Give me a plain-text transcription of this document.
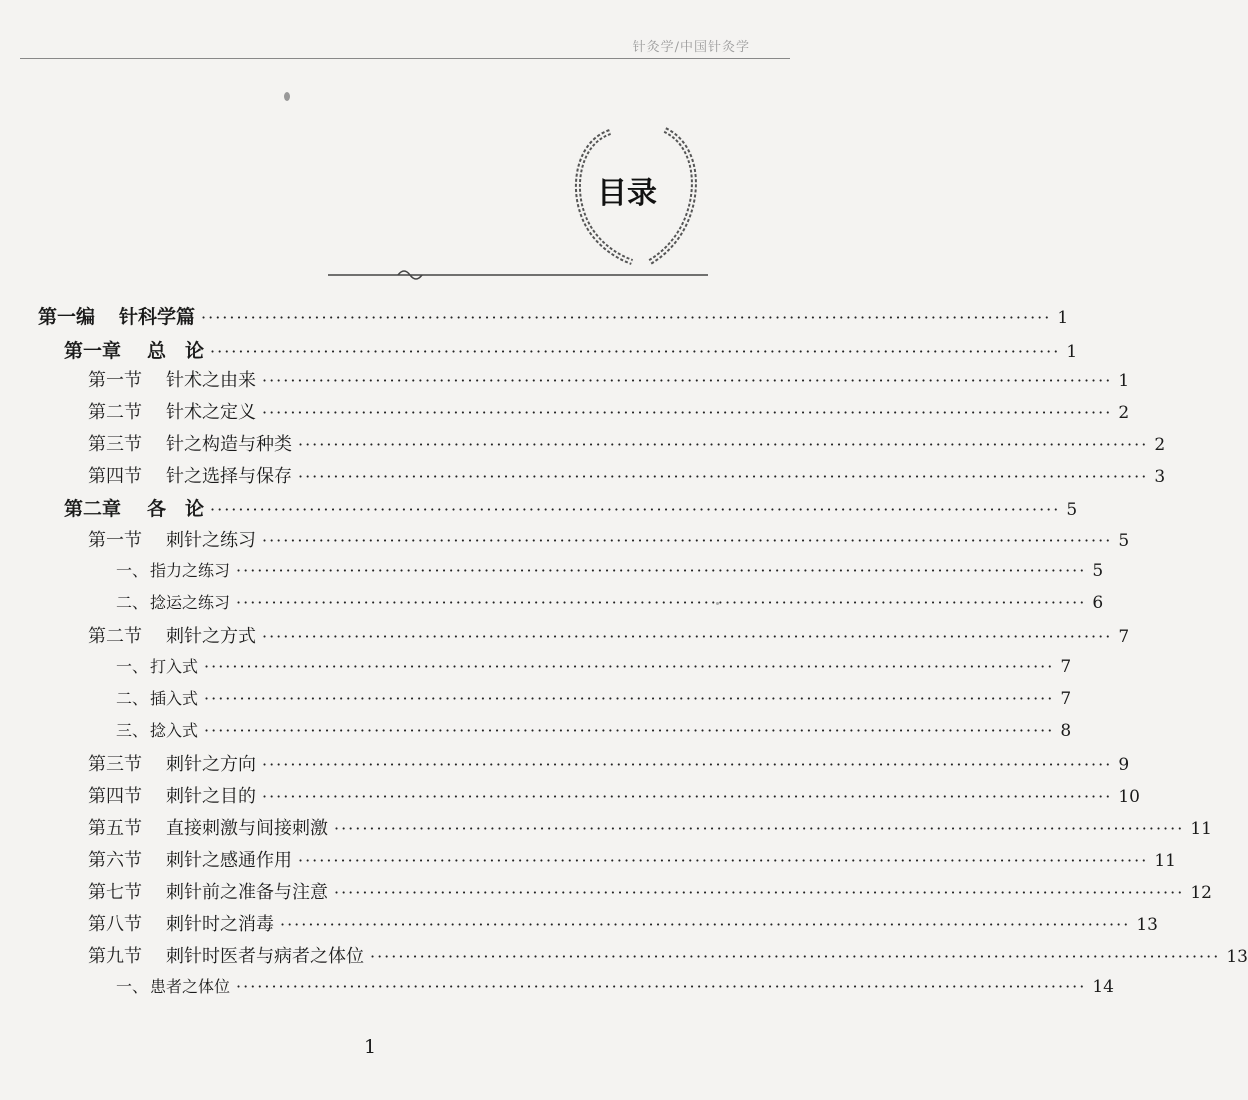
针灸学/中国针灸学
目录
第一编 针科学篇 ························································································································ 1
第一章 总　论 ························································································································ 1
第一节 针术之由来 ························································································································ 1
第二节 针术之定义 ························································································································ 2
第三节 针之构造与种类 ························································································································ 2
第四节 针之选择与保存 ························································································································ 3
第二章 各　论 ························································································································ 5
第一节 刺针之练习 ························································································································ 5
一、 指力之练习 ························································································································ 5
二、 捻运之练习 ························································································································ 6
第二节 刺针之方式 ························································································································ 7
一、 打入式 ························································································································ 7
二、 插入式 ························································································································ 7
三、 捻入式 ························································································································ 8
第三节 刺针之方向 ························································································································ 9
第四节 刺针之目的 ························································································································ 10
第五节 直接刺激与间接刺激 ························································································································ 11
第六节 刺针之感通作用 ························································································································ 11
第七节 刺针前之准备与注意 ························································································································ 12
第八节 刺针时之消毒 ························································································································ 13
第九节 刺针时医者与病者之体位 ························································································································ 13
一、 患者之体位 ························································································································ 14
1
